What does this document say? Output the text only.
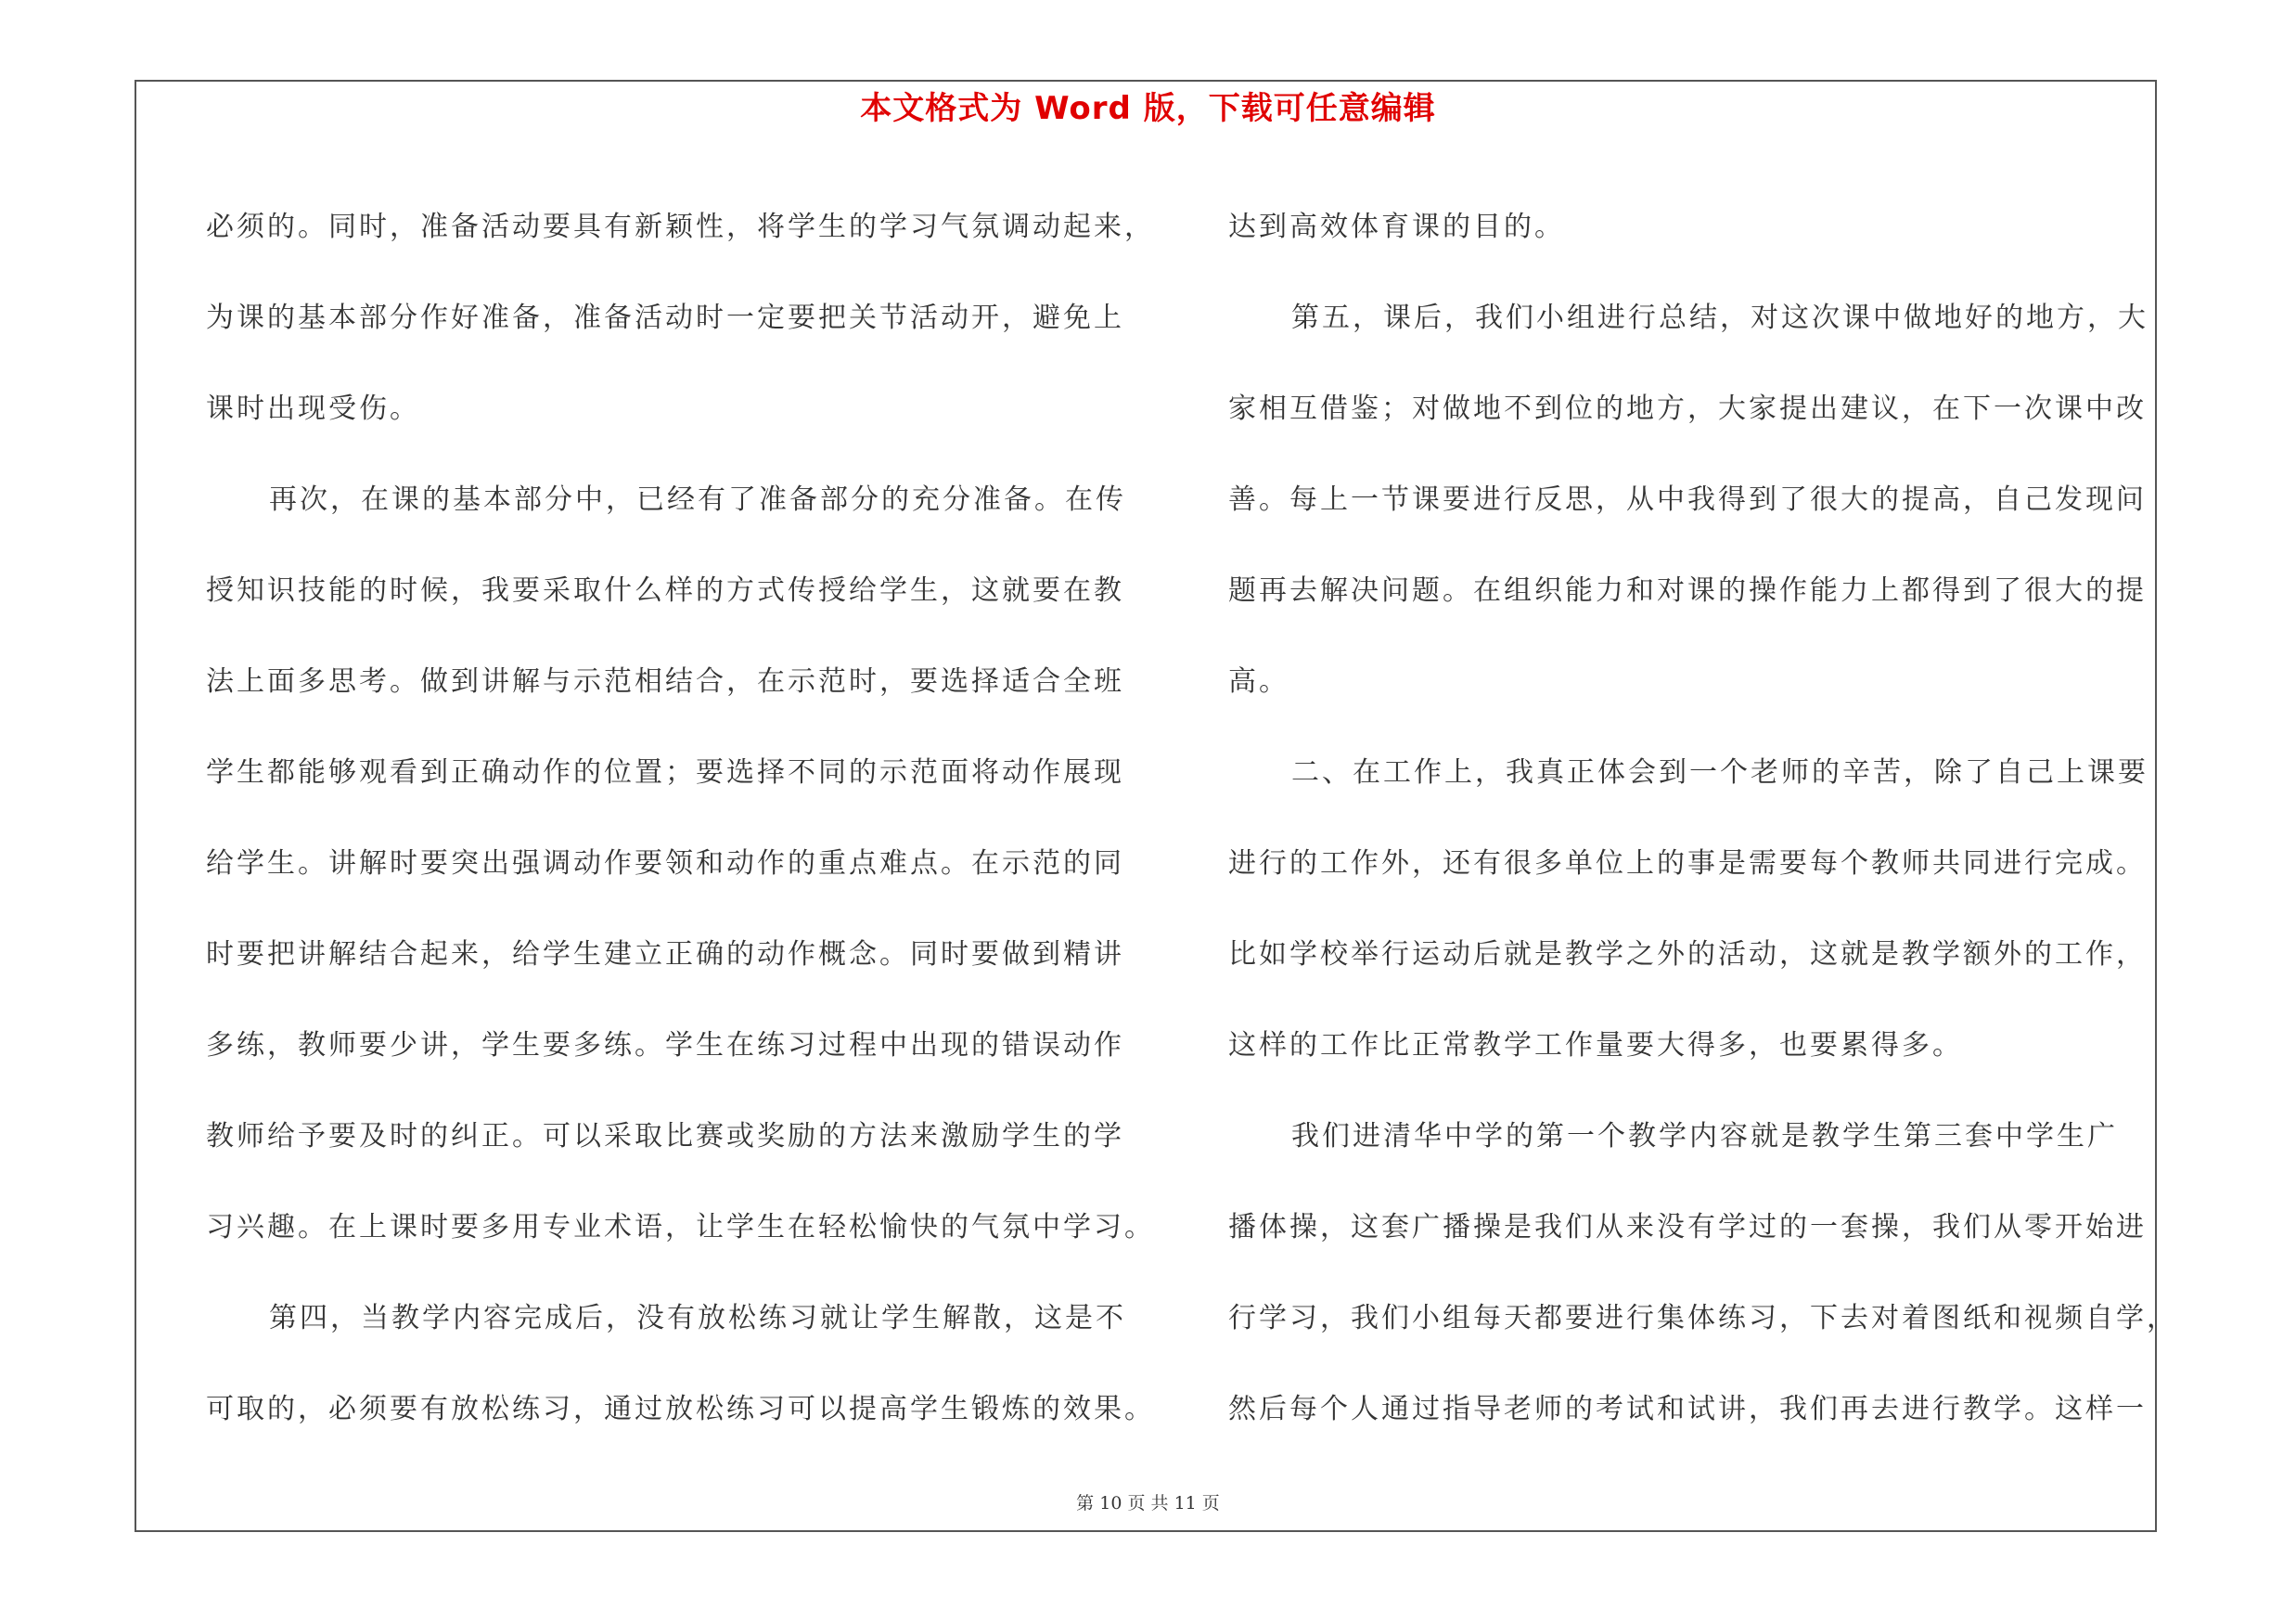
本文格式为 Word 版，下载可任意编辑
必须的。同时，准备活动要具有新颖性，将学生的学习气氛调动起来，
为课的基本部分作好准备，准备活动时一定要把关节活动开，避免上
课时出现受伤。
再次，在课的基本部分中，已经有了准备部分的充分准备。在传
授知识技能的时候，我要采取什么样的方式传授给学生，这就要在教
法上面多思考。做到讲解与示范相结合，在示范时，要选择适合全班
学生都能够观看到正确动作的位置；要选择不同的示范面将动作展现
给学生。讲解时要突出强调动作要领和动作的重点难点。在示范的同
时要把讲解结合起来，给学生建立正确的动作概念。同时要做到精讲
多练，教师要少讲，学生要多练。学生在练习过程中出现的错误动作
教师给予要及时的纠正。可以采取比赛或奖励的方法来激励学生的学
习兴趣。在上课时要多用专业术语，让学生在轻松愉快的气氛中学习。
第四，当教学内容完成后，没有放松练习就让学生解散，这是不
可取的，必须要有放松练习，通过放松练习可以提高学生锻炼的效果。
达到高效体育课的目的。
第五，课后，我们小组进行总结，对这次课中做地好的地方，大
家相互借鉴；对做地不到位的地方，大家提出建议，在下一次课中改
善。每上一节课要进行反思，从中我得到了很大的提高，自己发现问
题再去解决问题。在组织能力和对课的操作能力上都得到了很大的提
高。
二、在工作上，我真正体会到一个老师的辛苦，除了自己上课要
进行的工作外，还有很多单位上的事是需要每个教师共同进行完成。
比如学校举行运动后就是教学之外的活动，这就是教学额外的工作，
这样的工作比正常教学工作量要大得多，也要累得多。
我们进清华中学的第一个教学内容就是教学生第三套中学生广
播体操，这套广播操是我们从来没有学过的一套操，我们从零开始进
行学习，我们小组每天都要进行集体练习，下去对着图纸和视频自学，
然后每个人通过指导老师的考试和试讲，我们再去进行教学。这样一
第 10 页 共 11 页
